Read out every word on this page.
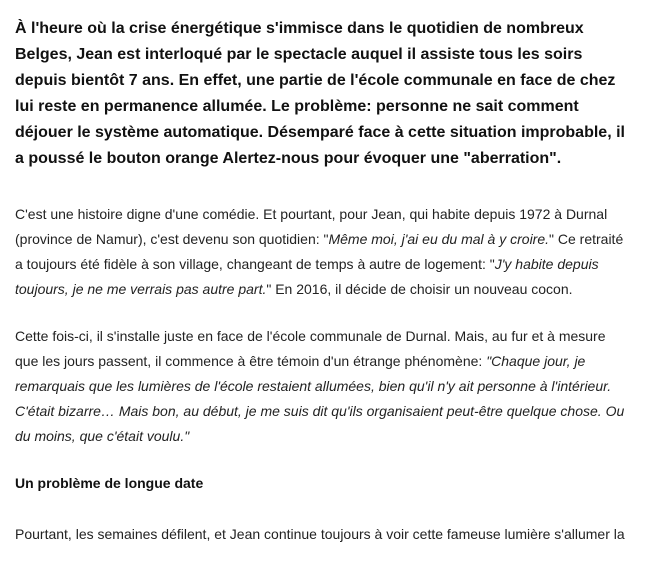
À l'heure où la crise énergétique s'immisce dans le quotidien de nombreux Belges, Jean est interloqué par le spectacle auquel il assiste tous les soirs depuis bientôt 7 ans. En effet, une partie de l'école communale en face de chez lui reste en permanence allumée. Le problème: personne ne sait comment déjouer le système automatique. Désemparé face à cette situation improbable, il a poussé le bouton orange Alertez-nous pour évoquer une "aberration".

C'est une histoire digne d'une comédie. Et pourtant, pour Jean, qui habite depuis 1972 à Durnal (province de Namur), c'est devenu son quotidien: "Même moi, j'ai eu du mal à y croire." Ce retraité a toujours été fidèle à son village, changeant de temps à autre de logement: "J'y habite depuis toujours, je ne me verrais pas autre part." En 2016, il décide de choisir un nouveau cocon.

Cette fois-ci, il s'installe juste en face de l'école communale de Durnal. Mais, au fur et à mesure que les jours passent, il commence à être témoin d'un étrange phénomène: "Chaque jour, je remarquais que les lumières de l'école restaient allumées, bien qu'il n'y ait personne à l'intérieur. C'était bizarre… Mais bon, au début, je me suis dit qu'ils organisaient peut-être quelque chose. Ou du moins, que c'était voulu."

Un problème de longue date

Pourtant, les semaines défilent, et Jean continue toujours à voir cette fameuse lumière s'allumer la
